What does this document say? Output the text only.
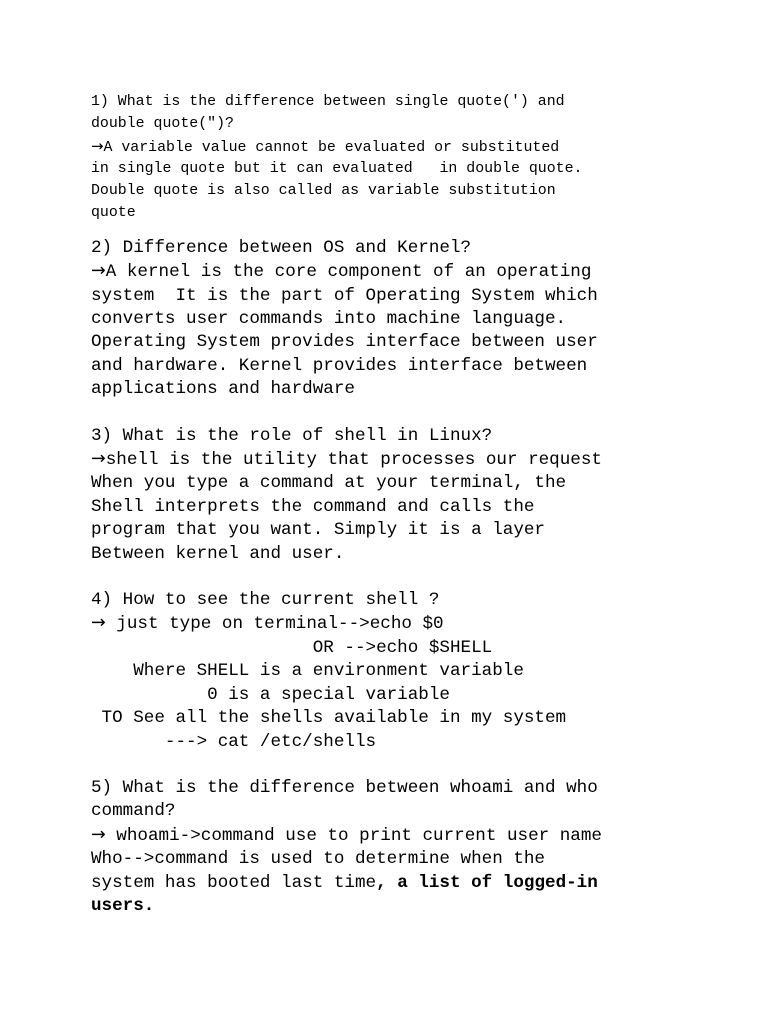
1) What is the difference between single quote(') and
double quote(")?
→A variable value cannot be evaluated or substituted
in single quote but it can evaluated   in double quote.
Double quote is also called as variable substitution
quote
2) Difference between OS and Kernel?
→A kernel is the core component of an operating
system  It is the part of Operating System which
converts user commands into machine language.
Operating System provides interface between user
and hardware. Kernel provides interface between
applications and hardware
3) What is the role of shell in Linux?
→shell is the utility that processes our request
When you type a command at your terminal, the
Shell interprets the command and calls the
program that you want. Simply it is a layer
Between kernel and user.
4) How to see the current shell ?
→ just type on terminal-->echo $0
OR -->echo $SHELL
Where SHELL is a environment variable
0 is a special variable
TO See all the shells available in my system
---> cat /etc/shells
5) What is the difference between whoami and who
command?
→ whoami->command use to print current user name
Who-->command is used to determine when the
system has booted last time, a list of logged-in
users.
